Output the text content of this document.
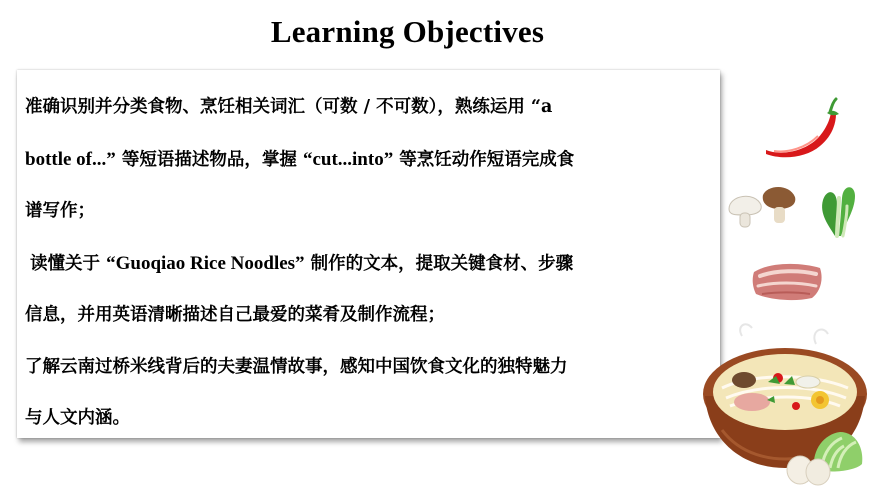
Learning Objectives

准确识别并分类食物、烹饪相关词汇（可数 / 不可数），熟练运用 “a

bottle of...” 等短语描述物品，掌握 “cut...into” 等烹饪动作短语完成食

谱写作；

读懂关于 “Guoqiao Rice Noodles” 制作的文本，提取关键食材、步骤

信息，并用英语清晰描述自己最爱的菜肴及制作流程；

了解云南过桥米线背后的夫妻温情故事，感知中国饮食文化的独特魅力

与人文内涵。
